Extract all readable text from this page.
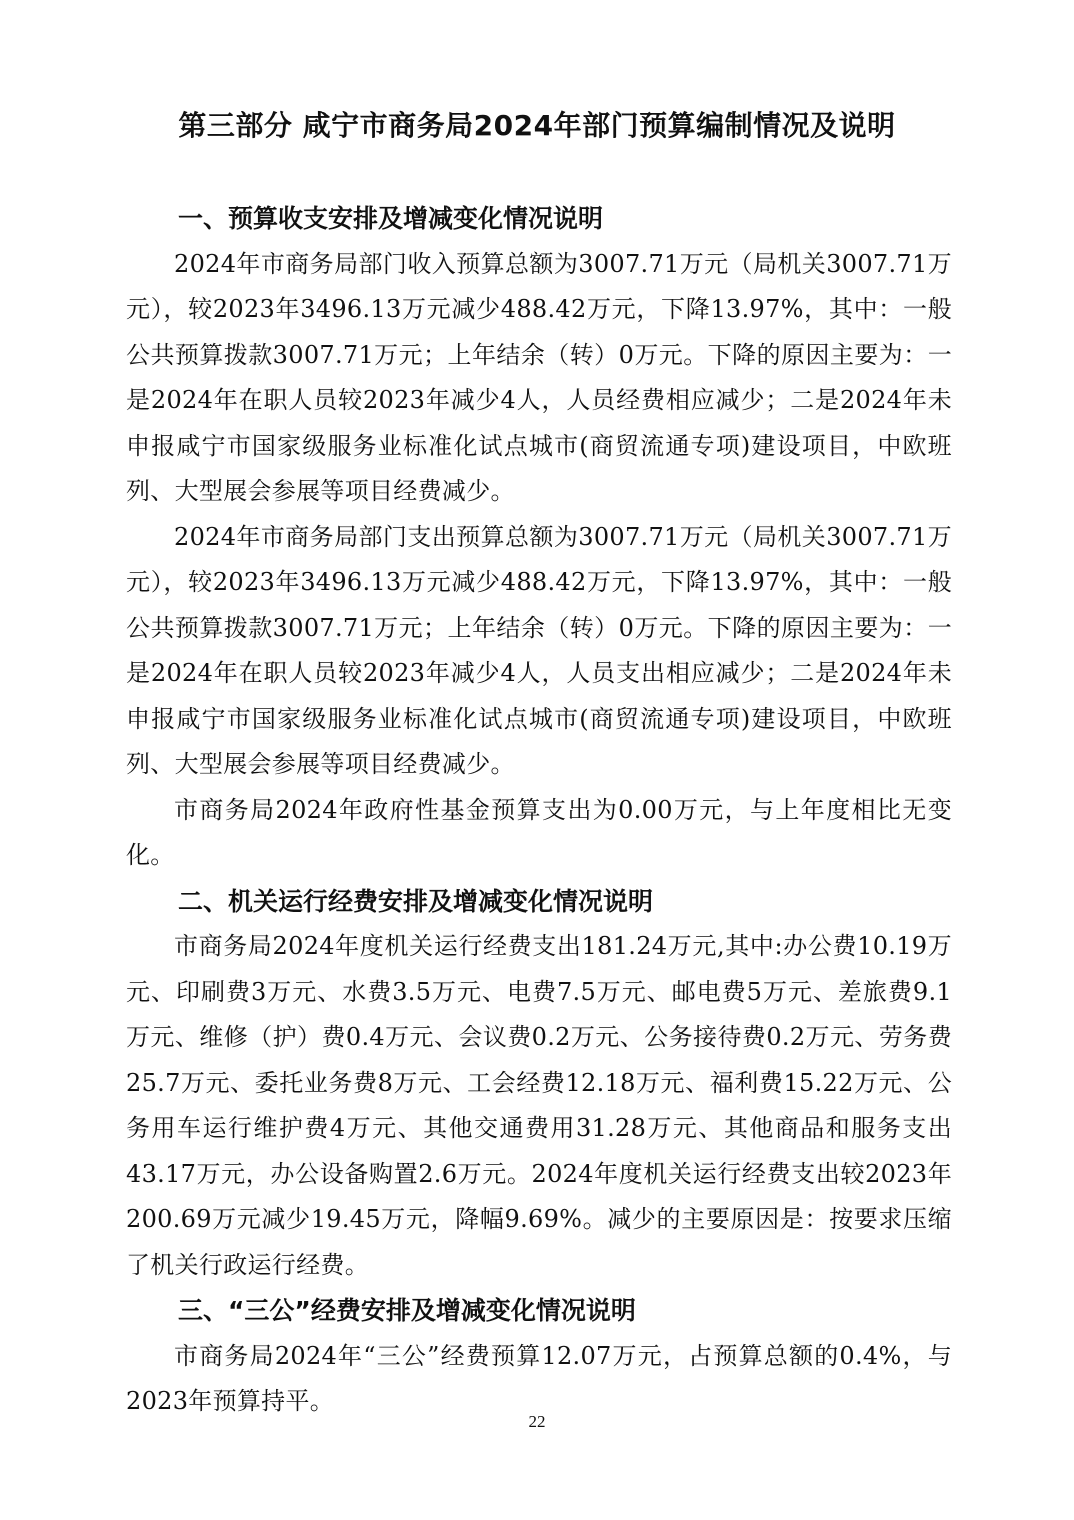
第三部分 咸宁市商务局2024年部门预算编制情况及说明
一、预算收支安排及增减变化情况说明

2024年市商务局部门收入预算总额为3007.71万元（局机关3007.71万元），较2023年3496.13万元减少488.42万元，下降13.97%，其中：一般公共预算拨款3007.71万元；上年结余（转）0万元。下降的原因主要为：一是2024年在职人员较2023年减少4人，人员经费相应减少；二是2024年未申报咸宁市国家级服务业标准化试点城市(商贸流通专项)建设项目，中欧班列、大型展会参展等项目经费减少。

2024年市商务局部门支出预算总额为3007.71万元（局机关3007.71万元），较2023年3496.13万元减少488.42万元，下降13.97%，其中：一般公共预算拨款3007.71万元；上年结余（转）0万元。下降的原因主要为：一是2024年在职人员较2023年减少4人，人员支出相应减少；二是2024年未申报咸宁市国家级服务业标准化试点城市(商贸流通专项)建设项目，中欧班列、大型展会参展等项目经费减少。

市商务局2024年政府性基金预算支出为0.00万元，与上年度相比无变化。

二、机关运行经费安排及增减变化情况说明

市商务局2024年度机关运行经费支出181.24万元,其中:办公费10.19万元、印刷费3万元、水费3.5万元、电费7.5万元、邮电费5万元、差旅费9.1万元、维修（护）费0.4万元、会议费0.2万元、公务接待费0.2万元、劳务费25.7万元、委托业务费8万元、工会经费12.18万元、福利费15.22万元、公务用车运行维护费4万元、其他交通费用31.28万元、其他商品和服务支出43.17万元，办公设备购置2.6万元。2024年度机关运行经费支出较2023年200.69万元减少19.45万元，降幅9.69%。减少的主要原因是：按要求压缩了机关行政运行经费。

三、“三公”经费安排及增减变化情况说明

市商务局2024年“三公”经费预算12.07万元，占预算总额的0.4%，与2023年预算持平。

22
